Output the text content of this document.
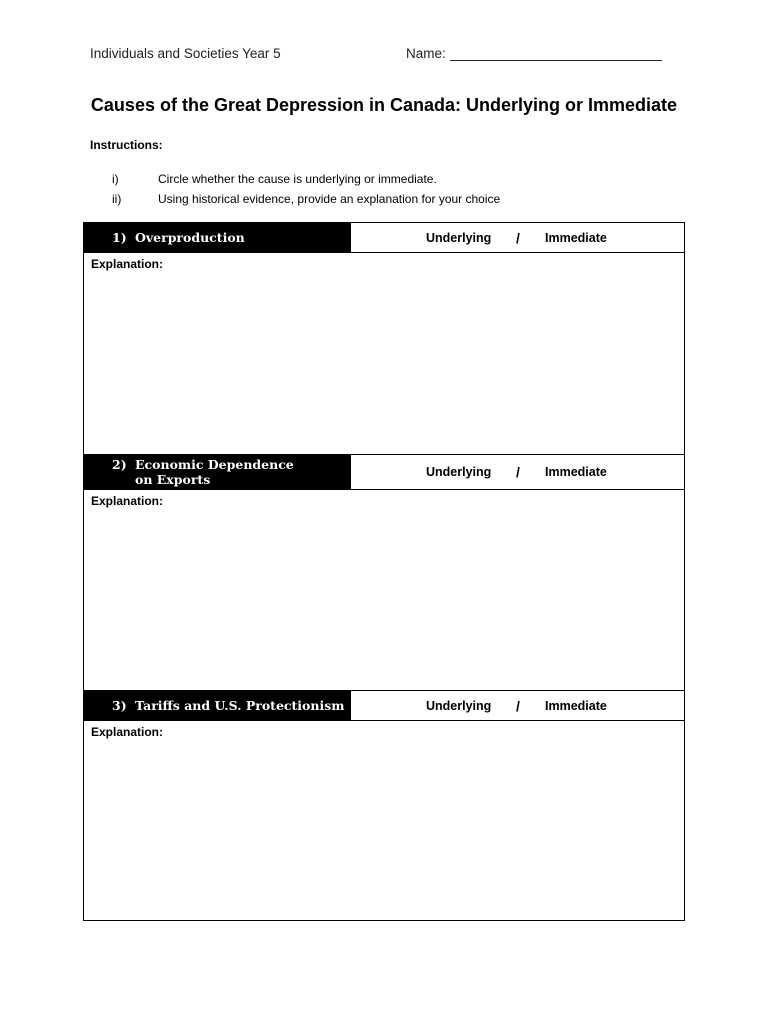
Individuals and Societies Year 5	Name:
Causes of the Great Depression in Canada: Underlying or Immediate
Instructions:
i)	Circle whether the cause is underlying or immediate.
ii)	Using historical evidence, provide an explanation for your choice
1) Overproduction	Underlying / Immediate
Explanation:
2) Economic Dependence on Exports	Underlying / Immediate
Explanation:
3) Tariffs and U.S. Protectionism	Underlying / Immediate
Explanation:
